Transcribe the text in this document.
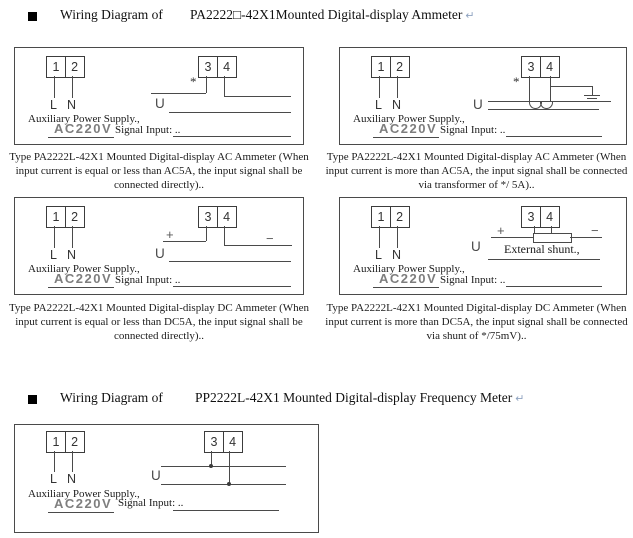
Wiring Diagram of PA2222□-42X1Mounted Digital-display Ammeter ↵
1 2
L N
Auxiliary Power Supply.,
AC220V Signal Input: ..
3 4
*
U
1 2
L N
Auxiliary Power Supply.,
AC220V Signal Input: ..
3 4
*
U
Type PA2222L-42X1 Mounted Digital-display AC Ammeter (When input current is equal or less than AC5A, the input signal shall be connected directly)..
Type PA2222L-42X1 Mounted Digital-display AC Ammeter (When input current is more than AC5A, the input signal shall be connected via transformer of */ 5A)..
1 2
L N
Auxiliary Power Supply.,
AC220V Signal Input: ..
3 4
+	−
U
1 2
L N
Auxiliary Power Supply.,
AC220V Signal Input: ..
3 4
+	−
U External shunt.,
Type PA2222L-42X1 Mounted Digital-display DC Ammeter (When input current is equal or less than DC5A, the input signal shall be connected directly)..
Type PA2222L-42X1 Mounted Digital-display DC Ammeter (When input current is more than DC5A, the input signal shall be connected via shunt of */75mV)..
Wiring Diagram of PP2222L-42X1 Mounted Digital-display Frequency Meter ↵
1 2
L N
Auxiliary Power Supply.,
AC220V Signal Input: ..
3 4
U
